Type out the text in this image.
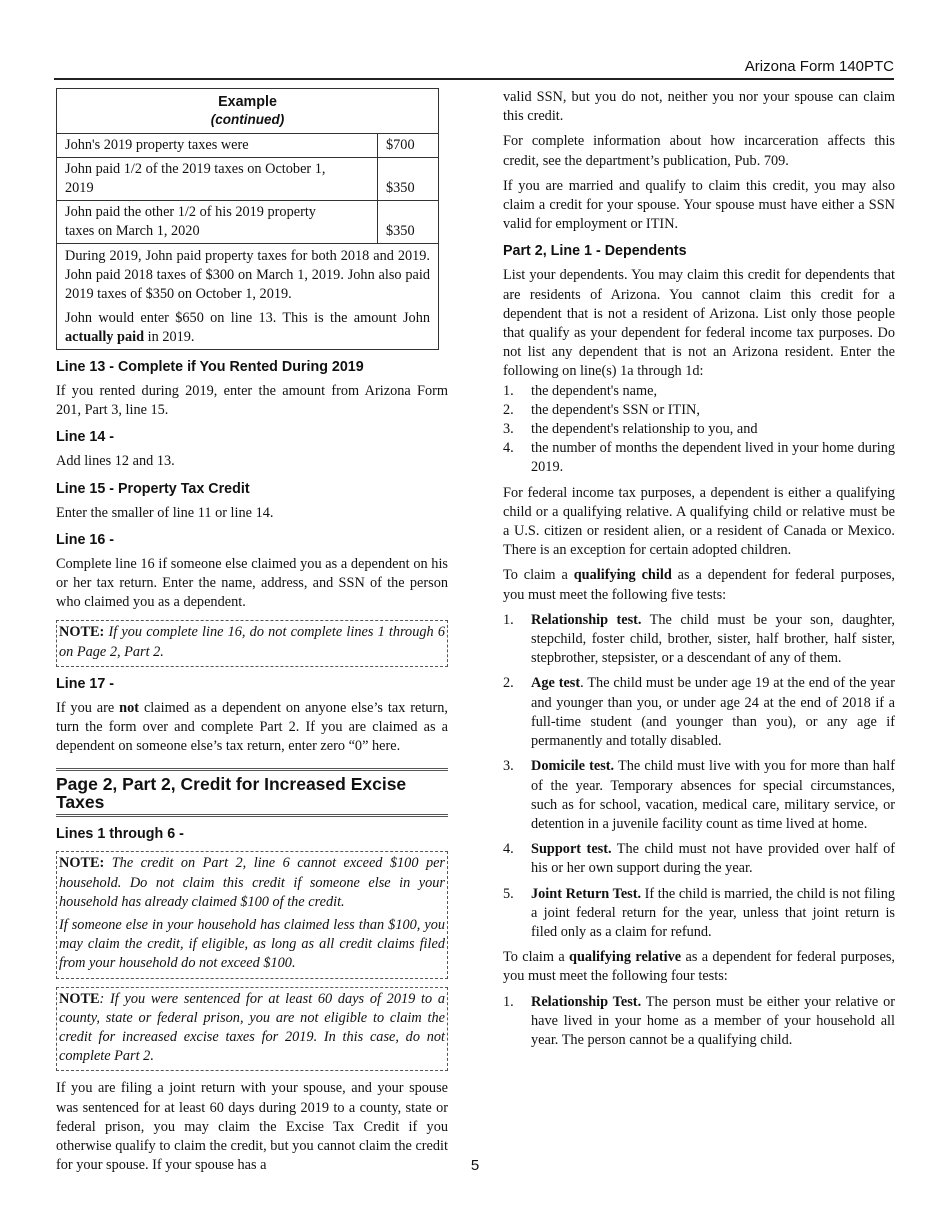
Arizona Form 140PTC
Example
(continued)	
John's 2019 property taxes were	$700
John paid 1/2 of the 2019 taxes on October 1, 2019	$350
John paid the other 1/2 of his 2019 property taxes on March 1, 2020	$350

During 2019, John paid property taxes for both 2018 and 2019. John paid 2018 taxes of $300 on March 1, 2019. John also paid 2019 taxes of $350 on October 1, 2019.

John would enter $650 on line 13. This is the amount John actually paid in 2019.	

Line 13 - Complete if You Rented During 2019

If you rented during 2019, enter the amount from Arizona Form 201, Part 3, line 15.

Line 14 -

Add lines 12 and 13.

Line 15 - Property Tax Credit

Enter the smaller of line 11 or line 14.

Line 16 -

Complete line 16 if someone else claimed you as a dependent on his or her tax return. Enter the name, address, and SSN of the person who claimed you as a dependent.

NOTE: If you complete line 16, do not complete lines 1 through 6 on Page 2, Part 2.

Line 17 -

If you are not claimed as a dependent on anyone else’s tax return, turn the form over and complete Part 2. If you are claimed as a dependent on someone else’s tax return, enter zero “0” here.

Page 2, Part 2, Credit for Increased Excise Taxes
Lines 1 through 6 -

NOTE: The credit on Part 2, line 6 cannot exceed $100 per household. Do not claim this credit if someone else in your household has already claimed $100 of the credit.

If someone else in your household has claimed less than $100, you may claim the credit, if eligible, as long as all credit claims filed from your household do not exceed $100.

NOTE: If you were sentenced for at least 60 days of 2019 to a county, state or federal prison, you are not eligible to claim the credit for increased excise taxes for 2019. In this case, do not complete Part 2.

If you are filing a joint return with your spouse, and your spouse was sentenced for at least 60 days during 2019 to a county, state or federal prison, you may claim the Excise Tax Credit if you otherwise qualify to claim the credit, but you cannot claim the credit for your spouse. If your spouse has a

valid SSN, but you do not, neither you nor your spouse can claim this credit.

For complete information about how incarceration affects this credit, see the department’s publication, Pub. 709.

If you are married and qualify to claim this credit, you may also claim a credit for your spouse. Your spouse must have either a SSN valid for employment or ITIN.

Part 2, Line 1 - Dependents

List your dependents. You may claim this credit for dependents that are residents of Arizona. You cannot claim this credit for a dependent that is not a resident of Arizona. List only those people that qualify as your dependent for federal income tax purposes. Do not list any dependent that is not an Arizona resident. Enter the following on line(s) 1a through 1d:

1.	the dependent's name,
2.	the dependent's SSN or ITIN,
3.	the dependent's relationship to you, and
4.	the number of months the dependent lived in your home during 2019.

For federal income tax purposes, a dependent is either a qualifying child or a qualifying relative. A qualifying child or relative must be a U.S. citizen or resident alien, or a resident of Canada or Mexico. There is an exception for certain adopted children.

To claim a qualifying child as a dependent for federal purposes, you must meet the following five tests:

1.	Relationship test. The child must be your son, daughter, stepchild, foster child, brother, sister, half brother, half sister, stepbrother, stepsister, or a descendant of any of them.
2.	Age test. The child must be under age 19 at the end of the year and younger than you, or under age 24 at the end of 2018 if a full-time student (and younger than you), or any age if permanently and totally disabled.
3.	Domicile test. The child must live with you for more than half of the year. Temporary absences for special circumstances, such as for school, vacation, medical care, military service, or detention in a juvenile facility count as time lived at home.
4.	Support test. The child must not have provided over half of his or her own support during the year.
5.	Joint Return Test. If the child is married, the child is not filing a joint federal return for the year, unless that joint return is filed only as a claim for refund.

To claim a qualifying relative as a dependent for federal purposes, you must meet the following four tests:

1.	Relationship Test. The person must be either your relative or have lived in your home as a member of your household all year. The person cannot be a qualifying child.
5
